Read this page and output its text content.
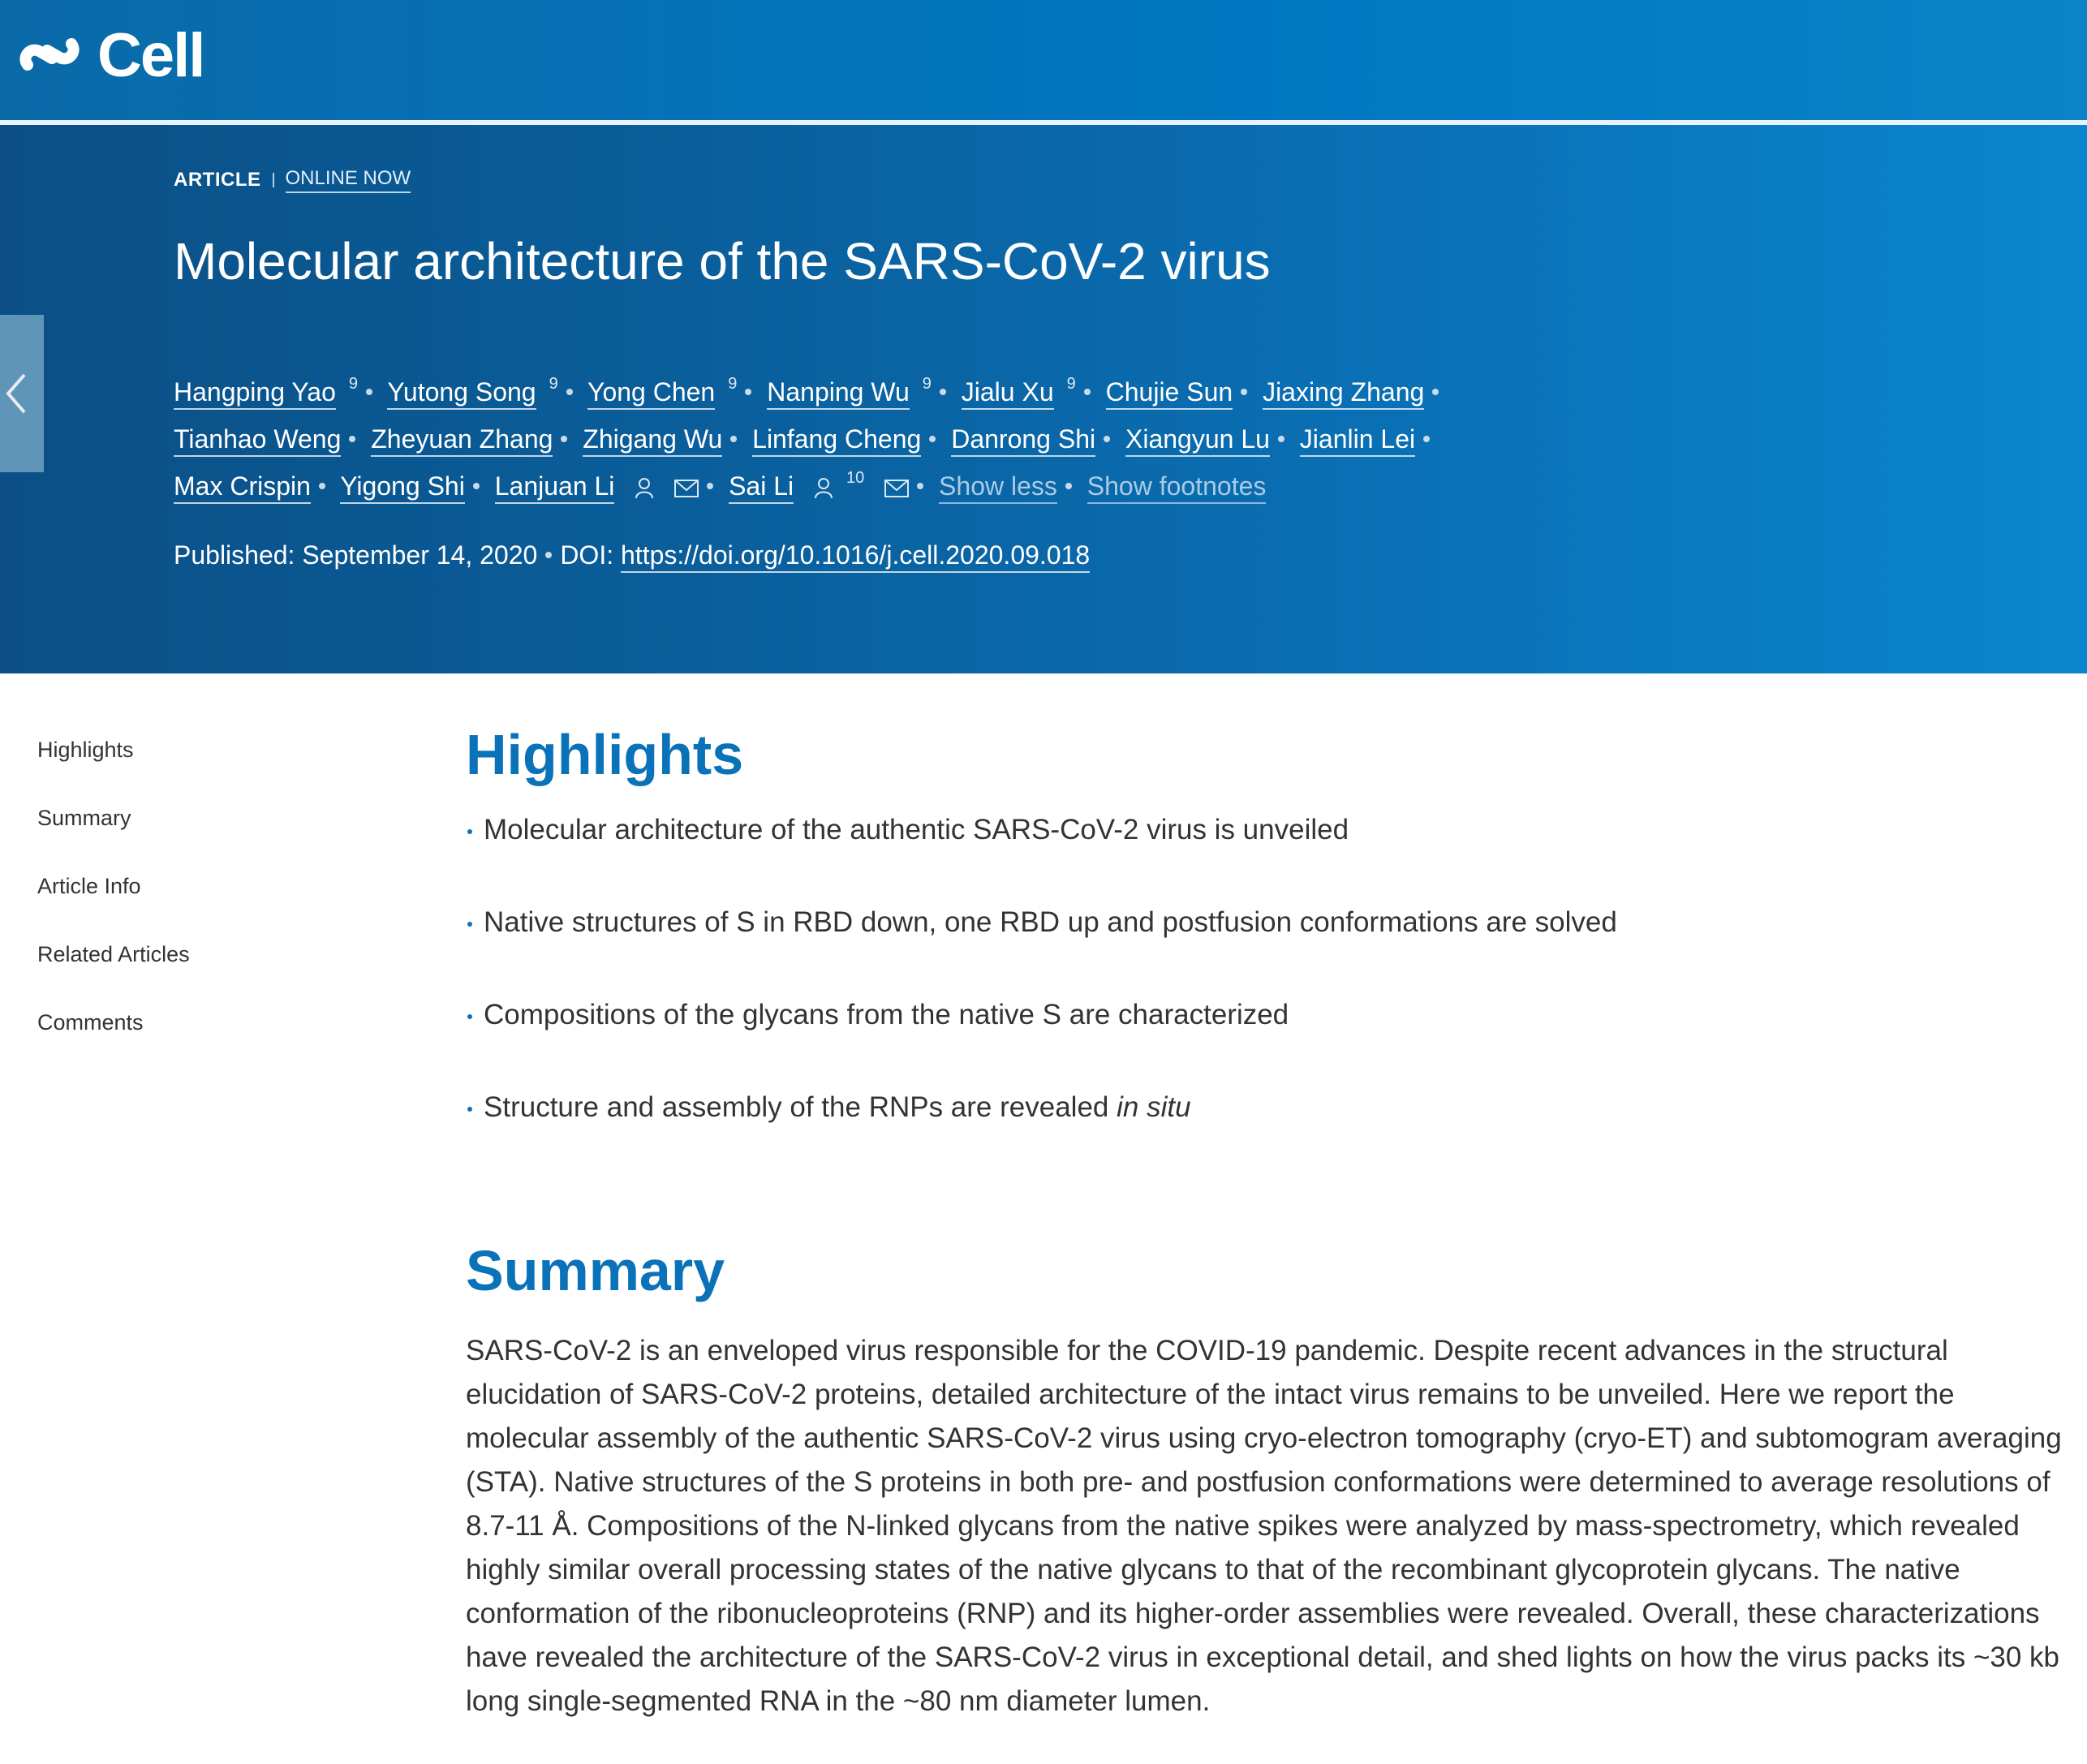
Cell
ARTICLE ONLINE NOW
Molecular architecture of the SARS-CoV-2 virus
Hangping Yao $^9$ Yutong Song $^9$ Yong Chen $^9$ Nanping Wu $^9$ Jialu Xu $^9$ Chujie Sun Jiaxing Zhang
Tianhao Weng Zheyuan Zhang Zhigang Wu Linfang Cheng Danrong Shi Xiangyun Lu Jianlin Lei
Max Crispin Yigong Shi Lanjuan Li
	Sai Li	$^{10}$	Show less Show footnotes
Published: September 14, 2020 DOI: https://doi.org/10.1016/j.cell.2020.09.018
Highlights
Summary
Article Info
Related Articles
Comments
Highlights
Molecular architecture of the authentic SARS-CoV-2 virus is unveiled
Native structures of S in RBD down, one RBD up and postfusion conformations are solved
Compositions of the glycans from the native S are characterized
Structure and assembly of the RNPs are revealed in situ
Summary

SARS-CoV-2 is an enveloped virus responsible for the COVID-19 pandemic. Despite recent advances in the structural elucidation of SARS-CoV-2 proteins, detailed architecture of the intact virus remains to be unveiled. Here we report the molecular assembly of the authentic SARS-CoV-2 virus using cryo-electron tomography (cryo-ET) and subtomogram averaging (STA). Native structures of the S proteins in both pre- and postfusion conformations were determined to average resolutions of 8.7-11 Å. Compositions of the N-linked glycans from the native spikes were analyzed by mass-spectrometry, which revealed highly similar overall processing states of the native glycans to that of the recombinant glycoprotein glycans. The native conformation of the ribonucleoproteins (RNP) and its higher-order assemblies were revealed. Overall, these characterizations have revealed the architecture of the SARS-CoV-2 virus in exceptional detail, and shed lights on how the virus packs its ~30 kb long single-segmented RNA in the ~80 nm diameter lumen.
